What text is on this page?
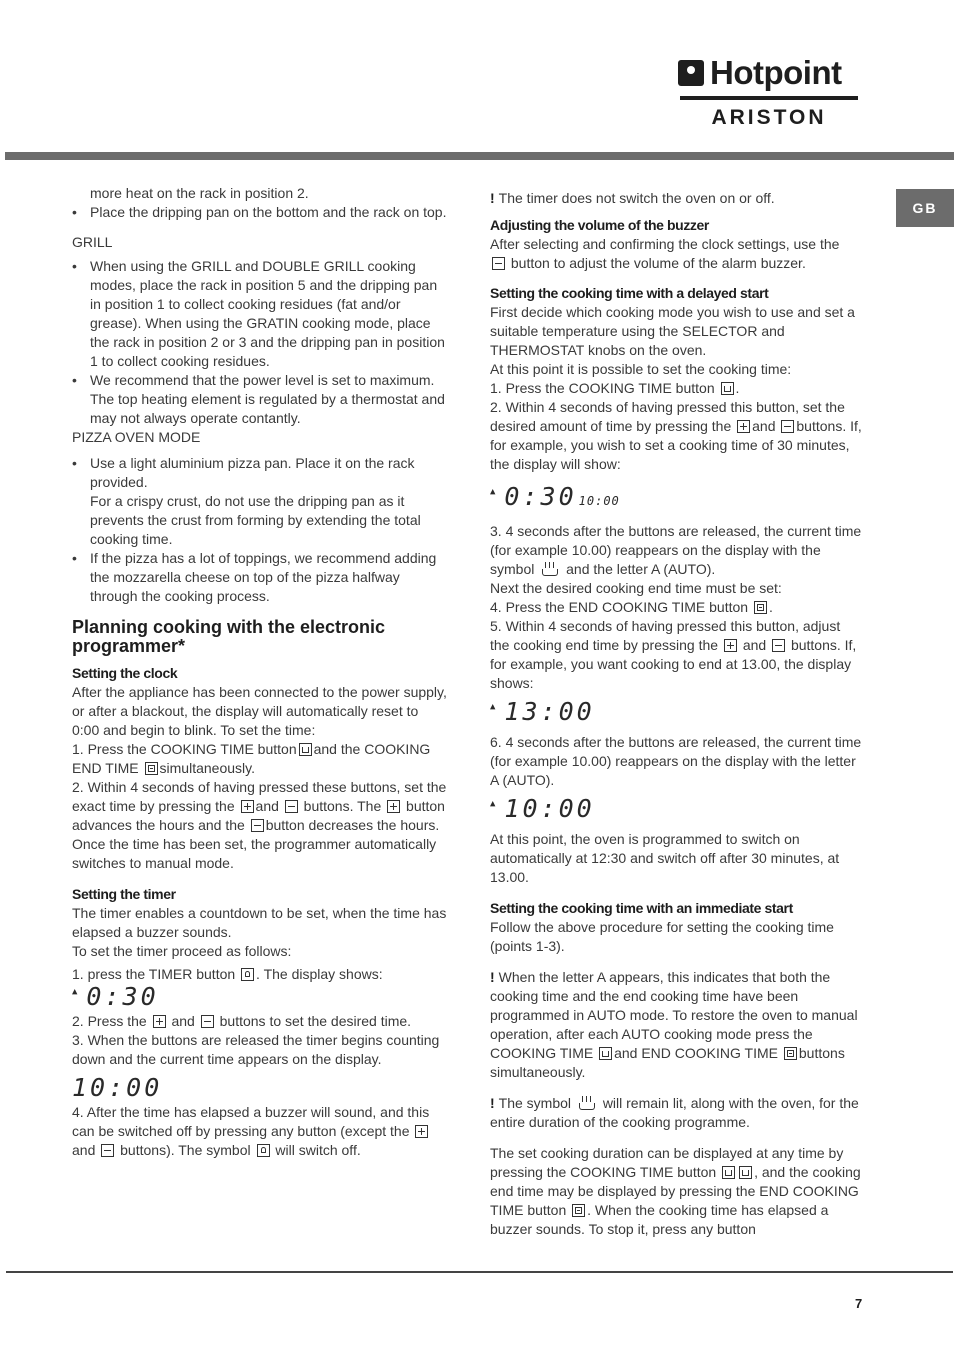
Hotpoint
ARISTON
GB

more heat on the rack in position 2.

• Place the dripping pan on the bottom and the rack on top.

GRILL

• When using the GRILL and DOUBLE GRILL cooking modes, place the rack in position 5 and the dripping pan in position 1 to collect cooking residues (fat and/or grease). When using the GRATIN cooking mode, place the rack in position 2 or 3 and the dripping pan in position 1 to collect cooking residues.

• We recommend that the power level is set to maximum. The top heating element is regulated by a thermostat and may not always operate contantly.

PIZZA OVEN MODE

• Use a light aluminium pizza pan. Place it on the rack provided.

For a crispy crust, do not use the dripping pan as it prevents the crust from forming by extending the total cooking time.

• If the pizza has a lot of toppings, we recommend adding the mozzarella cheese on top of the pizza halfway through the cooking process.

Planning cooking with the electronic programmer*

Setting the clock

After the appliance has been connected to the power supply, or after a blackout, the display will automatically reset to 0:00 and begin to blink. To set the time:

1. Press the COOKING TIME button and the COOKING END TIME simultaneously.

2. Within 4 seconds of having pressed these buttons, set the exact time by pressing the and buttons. The button advances the hours and the button decreases the hours.

Once the time has been set, the programmer automatically switches to manual mode.

Setting the timer

The timer enables a countdown to be set, when the time has elapsed a buzzer sounds.

To set the timer proceed as follows:

1. press the TIMER button . The display shows:

▲ 0:30

2. Press the and buttons to set the desired time.

3. When the buttons are released the timer begins counting down and the current time appears on the display.

10:00

4. After the time has elapsed a buzzer will sound, and this can be switched off by pressing any button (except the  and buttons). The symbol will switch off.

! The timer does not switch the oven on or off.

Adjusting the volume of the buzzer

After selecting and confirming the clock settings, use the

button to adjust the volume of the alarm buzzer.

Setting the cooking time with a delayed start

First decide which cooking mode you wish to use and set a suitable temperature using the SELECTOR and THERMOSTAT knobs on the oven.

At this point it is possible to set the cooking time:

1. Press the COOKING TIME button .

2. Within 4 seconds of having pressed this button, set the desired amount of time by pressing the and buttons. If, for example, you wish to set a cooking time of 30 minutes, the display will show:

▲ 0:30 10:00

3. 4 seconds after the buttons are released, the current time (for example 10.00) reappears on the display with the symbol and the letter A (AUTO).

Next the desired cooking end time must be set:

4. Press the END COOKING TIME button .

5. Within 4 seconds of having pressed this button, adjust the cooking end time by pressing the and buttons. If, for example, you want cooking to end at 13.00, the display shows:

▲ 13:00

6. 4 seconds after the buttons are released, the current time (for example 10.00) reappears on the display with the letter A (AUTO).

▲ 10:00

At this point, the oven is programmed to switch on automatically at 12:30 and switch off after 30 minutes, at 13.00.

Setting the cooking time with an immediate start

Follow the above procedure for setting the cooking time (points 1-3).

! When the letter A appears, this indicates that both the cooking time and the end cooking time have been programmed in AUTO mode. To restore the oven to manual operation, after each AUTO cooking mode press the COOKING TIME and END COOKING TIME buttons simultaneously.

! The symbol will remain lit, along with the oven, for the entire duration of the cooking programme.

The set cooking duration can be displayed at any time by pressing the COOKING TIME button	, and the cooking end time may be displayed by pressing the END COOKING TIME button . When the cooking time has elapsed a buzzer sounds. To stop it, press any button

7
